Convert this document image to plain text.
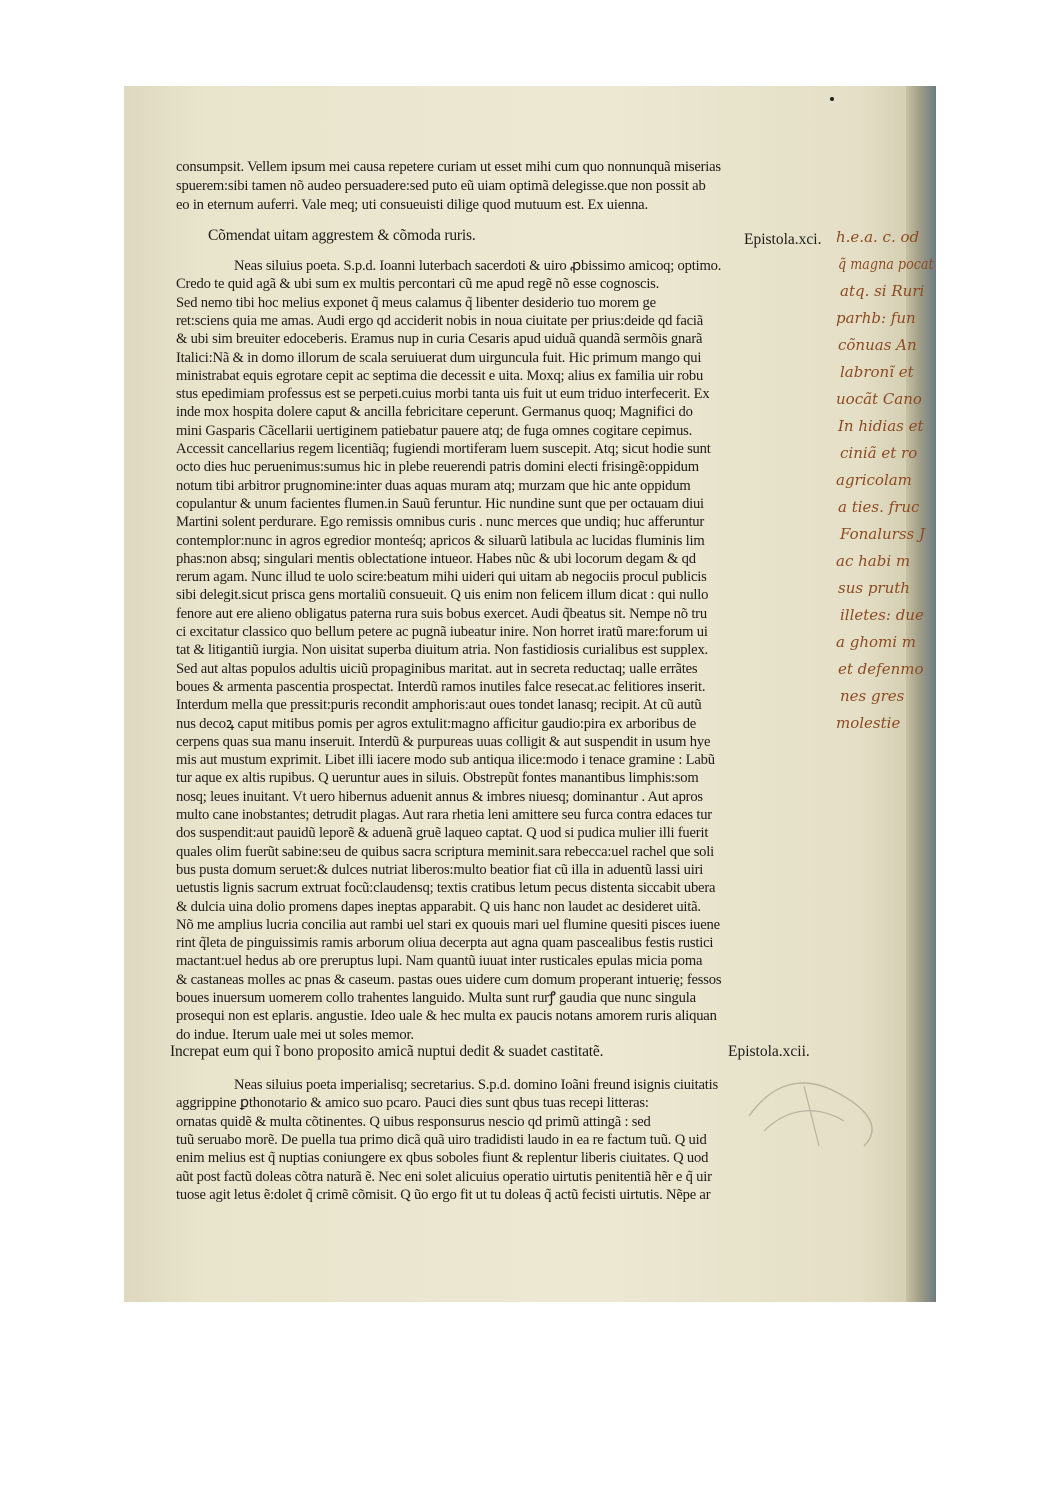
consumpsit. Vellem ipsum mei causa repetere curiam ut esset mihi cum quo nonnunquã miserias

spuerem:sibi tamen nõ audeo persuadere:sed puto eũ uiam optimã delegisse.que non possit ab

eo in eternum auferri. Vale meq; uti consueuisti dilige quod mutuum est. Ex uienna.

Cõmendat uitam aggrestem & cõmoda ruris.	Epistola.xci.

Neas siluius poeta. S.p.d. Ioanni luterbach sacerdoti & uiro ꝓbissimo amicoq; optimo.

Credo te quid agã & ubi sum ex multis percontari cũ me apud regẽ nõ esse cognoscis.

Sed nemo tibi hoc melius exponet q̃ meus calamus q̃ libenter desiderio tuo morem ge

ret:sciens quia me amas. Audi ergo qd acciderit nobis in noua ciuitate per prius:deide qd faciã

& ubi sim breuiter edoceberis. Eramus nup in curia Cesaris apud uiduã quandã sermõis gnarã

Italici:Nã & in domo illorum de scala seruiuerat dum uirguncula fuit. Hic primum mango qui

ministrabat equis egrotare cepit ac septima die decessit e uita. Moxq; alius ex familia uir robu

stus epedimiam professus est se perpeti.cuius morbi tanta uis fuit ut eum triduo interfecerit. Ex

inde mox hospita dolere caput & ancilla febricitare ceperunt. Germanus quoq; Magnifici do

mini Gasparis Cãcellarii uertiginem patiebatur pauere atq; de fuga omnes cogitare cepimus.

Accessit cancellarius regem licentiãq; fugiendi mortiferam luem suscepit. Atq; sicut hodie sunt

octo dies huc peruenimus:sumus hic in plebe reuerendi patris domini electi frisingẽ:oppidum

notum tibi arbitror prugnomine:inter duas aquas muram atq; murzam que hic ante oppidum

copulantur & unum facientes flumen.in Sauũ feruntur. Hic nundine sunt que per octauam diui

Martini solent perdurare. Ego remissis omnibus curis . nunc merces que undiq; huc afferuntur

contemplor:nunc in agros egredior monteśq; apricos & siluarũ latibula ac lucidas fluminis lim

phas:non absq; singulari mentis oblectatione intueor. Habes nũc & ubi locorum degam & qd

rerum agam. Nunc illud te uolo scire:beatum mihi uideri qui uitam ab negociis procul publicis

sibi delegit.sicut prisca gens mortaliũ consueuit. Q uis enim non felicem illum dicat : qui nullo

fenore aut ere alieno obligatus paterna rura suis bobus exercet. Audi q̃beatus sit. Nempe nõ tru

ci excitatur classico quo bellum petere ac pugnã iubeatur inire. Non horret iratũ mare:forum ui

tat & litigantiũ iurgia. Non uisitat superba diuitum atria. Non fastidiosis curialibus est supplex.

Sed aut altas populos adultis uiciũ propaginibus maritat. aut in secreta reductaq; ualle errãtes

boues & armenta pascentia prospectat. Interdũ ramos inutiles falce resecat.ac felitiores inserit.

Interdum mella que pressit:puris recondit amphoris:aut oues tondet lanasq; recipit. At cũ autũ

nus decoꝝ caput mitibus pomis per agros extulit:magno afficitur gaudio:pira ex arboribus de

cerpens quas sua manu inseruit. Interdũ & purpureas uuas colligit & aut suspendit in usum hye

mis aut mustum exprimit. Libet illi iacere modo sub antiqua ilice:modo i tenace gramine : Labũ

tur aque ex altis rupibus. Q ueruntur aues in siluis. Obstrepũt fontes manantibus limphis:som

nosq; leues inuitant. Vt uero hibernus aduenit annus & imbres niuesq; dominantur . Aut apros

multo cane inobstantes; detrudit plagas. Aut rara rhetia leni amittere seu furca contra edaces tur

dos suspendit:aut pauidũ leporẽ & aduenã gruẽ laqueo captat. Q uod si pudica mulier illi fuerit

quales olim fuerũt sabine:seu de quibus sacra scriptura meminit.sara rebecca:uel rachel que soli

bus pusta domum seruet:& dulces nutriat liberos:multo beatior fiat cũ illa in aduentũ lassi uiri

uetustis lignis sacrum extruat focũ:claudensq; textis cratibus letum pecus distenta siccabit ubera

& dulcia uina dolio promens dapes ineptas apparabit. Q uis hanc non laudet ac desideret uitã.

Nõ me amplius lucria concilia aut rambi uel stari ex quouis mari uel flumine quesiti pisces iuene

rint q̃leta de pinguissimis ramis arborum oliua decerpta aut agna quam pascealibus festis rustici

mactant:uel hedus ab ore preruptus lupi. Nam quantũ iuuat inter rusticales epulas micia poma

& castaneas molles ac pnas & caseum. pastas oues uidere cum domum properant intuerię; fessos

boues inuersum uomerem collo trahentes languido. Multa sunt rurꝭ gaudia que nunc singula

prosequi non est eplaris. angustie. Ideo uale & hec multa ex paucis notans amorem ruris aliquan

do indue. Iterum uale mei ut soles memor.

Increpat eum qui ĩ bono proposito amicã nuptui dedit & suadet castitatẽ.	Epistola.xcii.

Neas siluius poeta imperialisq; secretarius. S.p.d. domino Ioãni freund isignis ciuitatis

aggrippine ꝑthonotario & amico suo pcaro. Pauci dies sunt qbus tuas recepi litteras:

ornatas quidẽ & multa cõtinentes. Q uibus responsurus nescio qd primũ attingã : sed

tuũ seruabo morẽ. De puella tua primo dicã quã uiro tradidisti laudo in ea re factum tuũ. Q uid

enim melius est q̃ nuptias coniungere ex qbus soboles fiunt & replentur liberis ciuitates. Q uod

aũt post factũ doleas cõtra naturã ẽ. Nec eni solet alicuius operatio uirtutis penitentiã hẽr e q̃ uir

tuose agit letus ẽ:dolet q̃ crimẽ cõmisit. Q ũo ergo fit ut tu doleas q̃ actũ fecisti uirtutis. Nẽpe ar

h.e.a. c. od
q̃ magna pocat
atq. si Ruri
parhb: fun
cõnuas An
labronĩ et
uocãt Cano
In hidias et
ciniã et ro
agricolam
a ties. fruc
Fonalurss J
ac habi m
sus pruth
illetes: due
a ghomi m
et defenmo
nes gres
molestie
